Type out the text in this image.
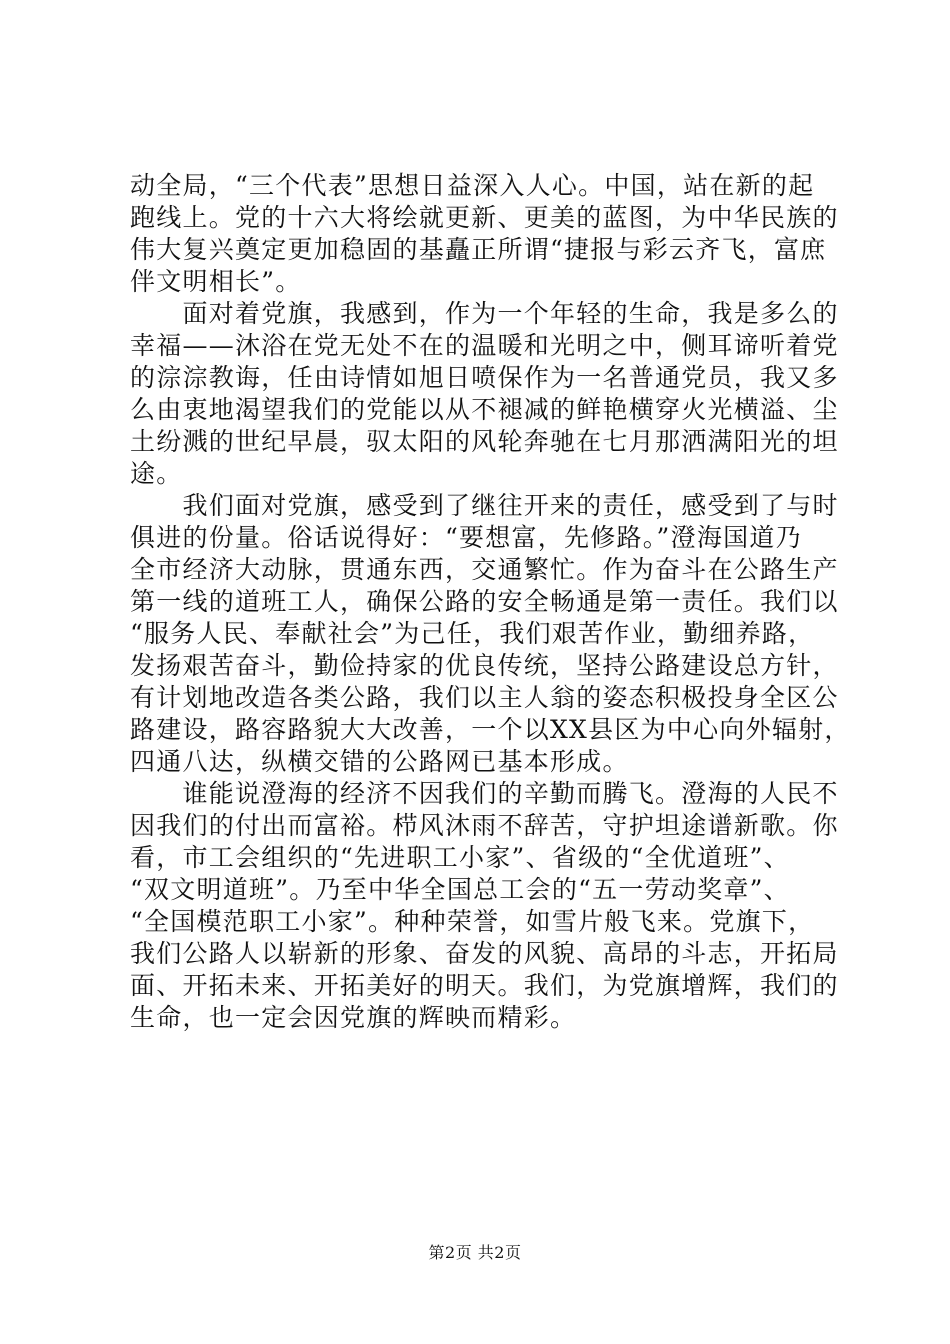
动全局，“三个代表”思想日益深入人心。中国，站在新的起
跑线上。党的十六大将绘就更新、更美的蓝图，为中华民族的
伟大复兴奠定更加稳固的基矗正所谓“捷报与彩云齐飞，富庶
伴文明相长”。
　　面对着党旗，我感到，作为一个年轻的生命，我是多么的
幸福——沐浴在党无处不在的温暖和光明之中，侧耳谛听着党
的淙淙教诲，任由诗情如旭日喷保作为一名普通党员，我又多
么由衷地渴望我们的党能以从不褪减的鲜艳横穿火光横溢、尘
土纷溅的世纪早晨，驭太阳的风轮奔驰在七月那洒满阳光的坦
途。
　　我们面对党旗，感受到了继往开来的责任，感受到了与时
俱进的份量。俗话说得好：“要想富，先修路。”澄海国道乃
全市经济大动脉，贯通东西，交通繁忙。作为奋斗在公路生产
第一线的道班工人，确保公路的安全畅通是第一责任。我们以
“服务人民、奉献社会”为己任，我们艰苦作业，勤细养路，
发扬艰苦奋斗，勤俭持家的优良传统，坚持公路建设总方针，
有计划地改造各类公路，我们以主人翁的姿态积极投身全区公
路建设，路容路貌大大改善，一个以XX县区为中心向外辐射，
四通八达，纵横交错的公路网已基本形成。
　　谁能说澄海的经济不因我们的辛勤而腾飞。澄海的人民不
因我们的付出而富裕。栉风沐雨不辞苦，守护坦途谱新歌。你
看，市工会组织的“先进职工小家”、省级的“全优道班”、
“双文明道班”。乃至中华全国总工会的“五一劳动奖章”、
“全国模范职工小家”。种种荣誉，如雪片般飞来。党旗下，
我们公路人以崭新的形象、奋发的风貌、高昂的斗志，开拓局
面、开拓未来、开拓美好的明天。我们，为党旗增辉，我们的
生命，也一定会因党旗的辉映而精彩。
第2页 共2页
